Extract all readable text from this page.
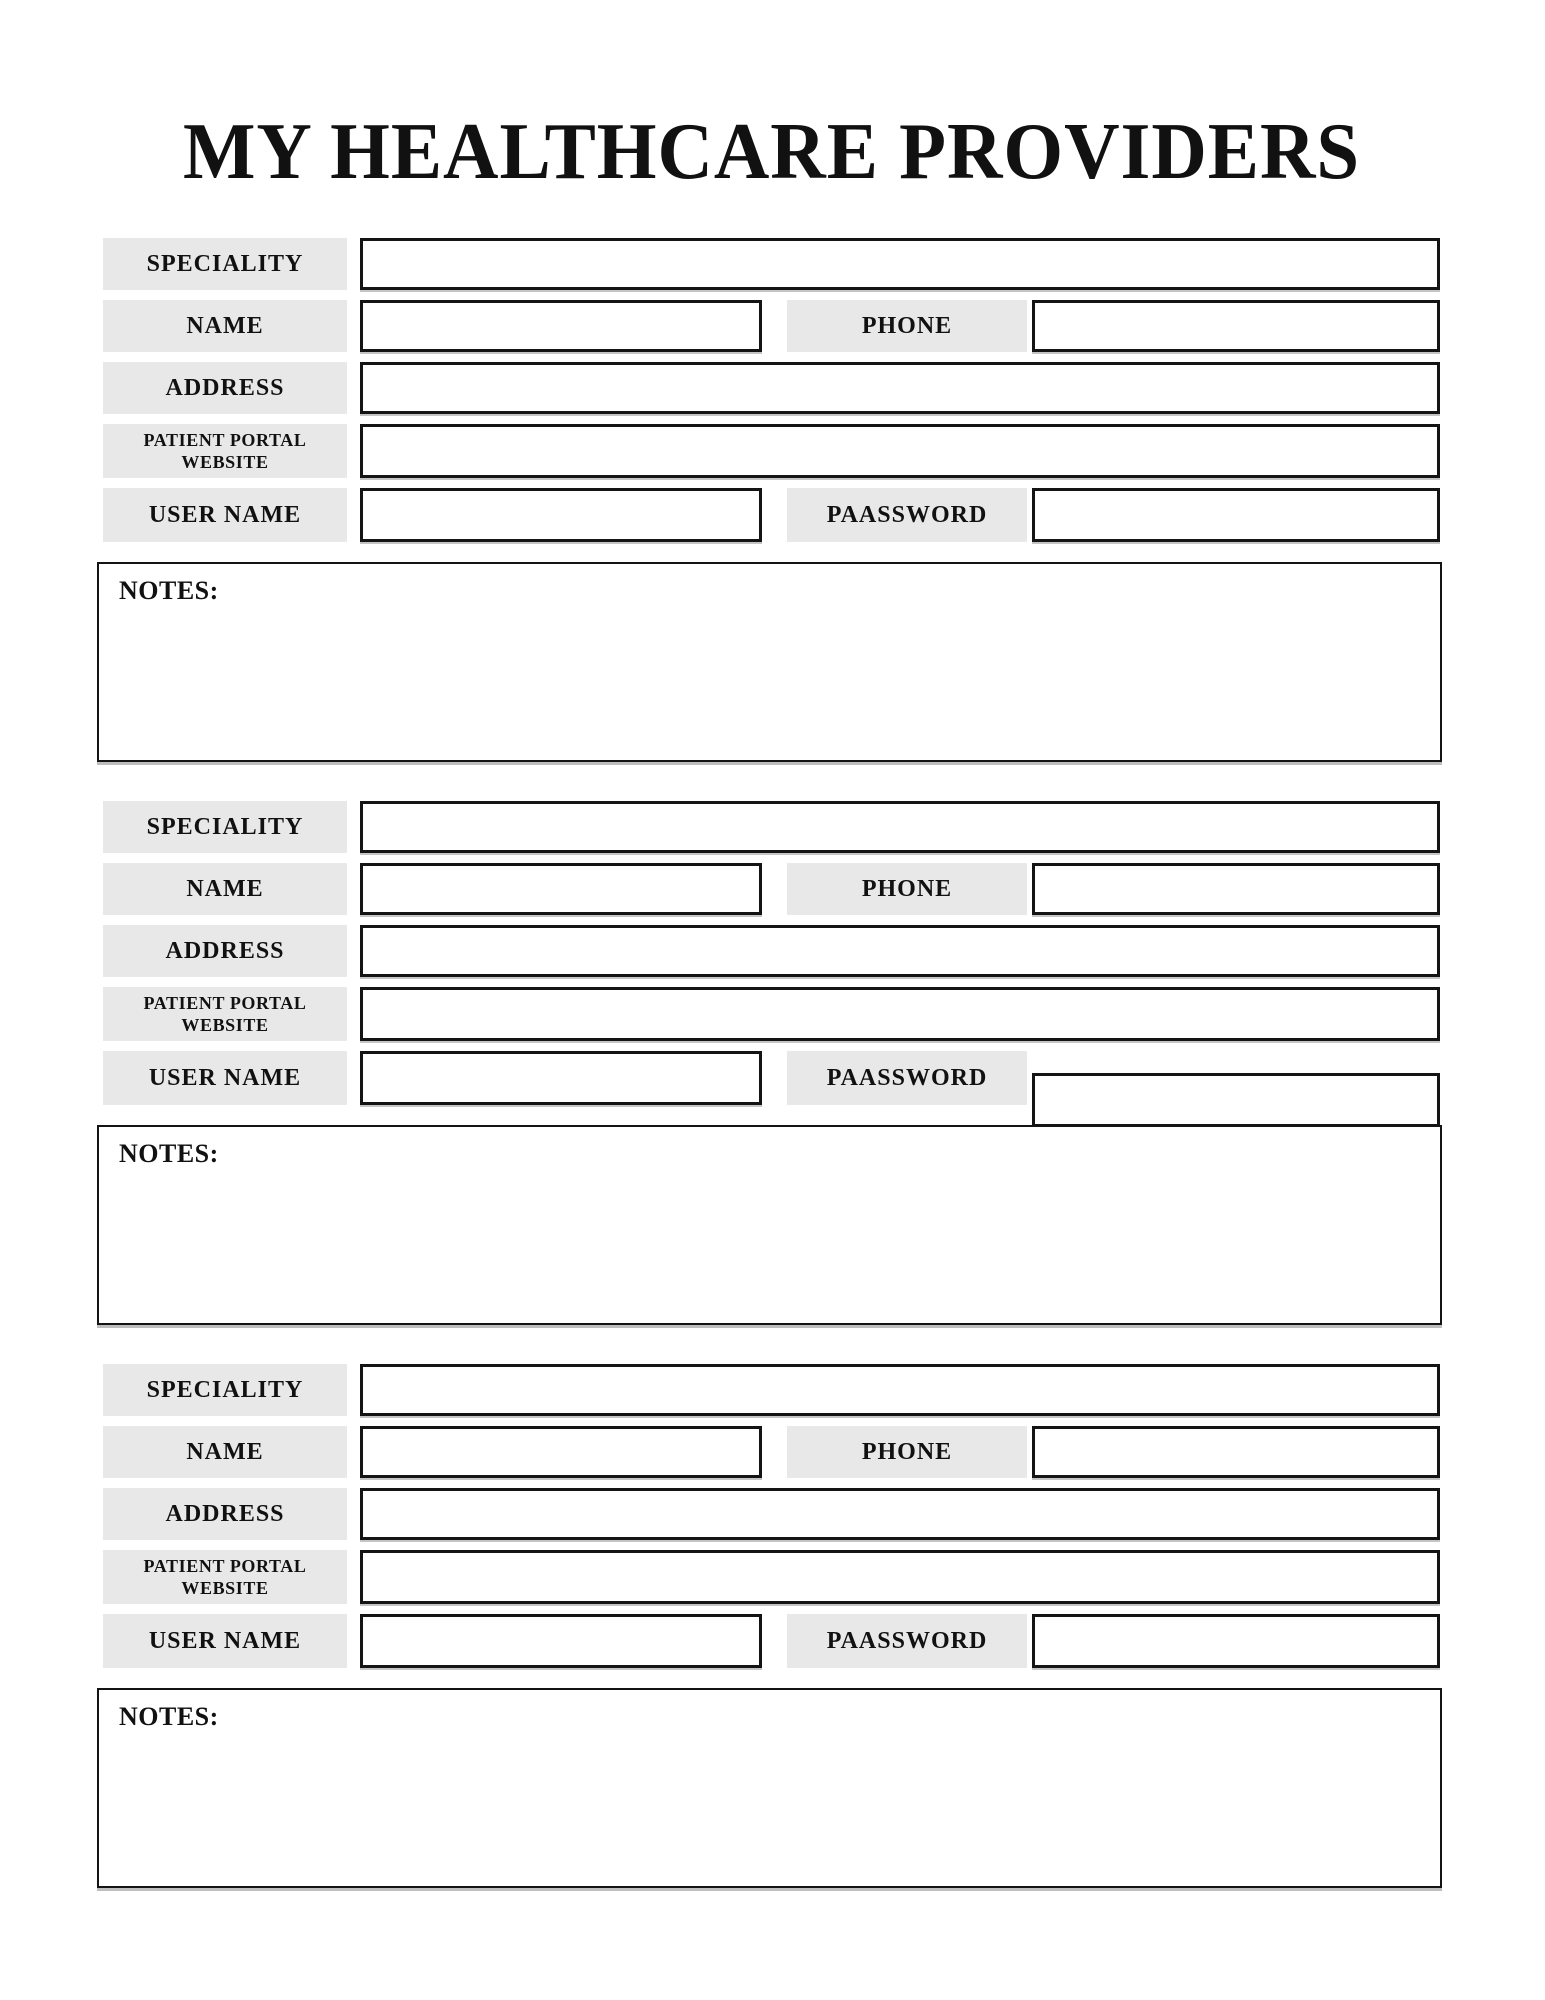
MY HEALTHCARE PROVIDERS
SPECIALITY
NAME	PHONE
ADDRESS
PATIENT PORTAL
WEBSITE
USER NAME	PAASSWORD
NOTES:
SPECIALITY
NAME	PHONE
ADDRESS
PATIENT PORTAL
WEBSITE
USER NAME	PAASSWORD
NOTES:
SPECIALITY
NAME	PHONE
ADDRESS
PATIENT PORTAL
WEBSITE
USER NAME	PAASSWORD
NOTES:
